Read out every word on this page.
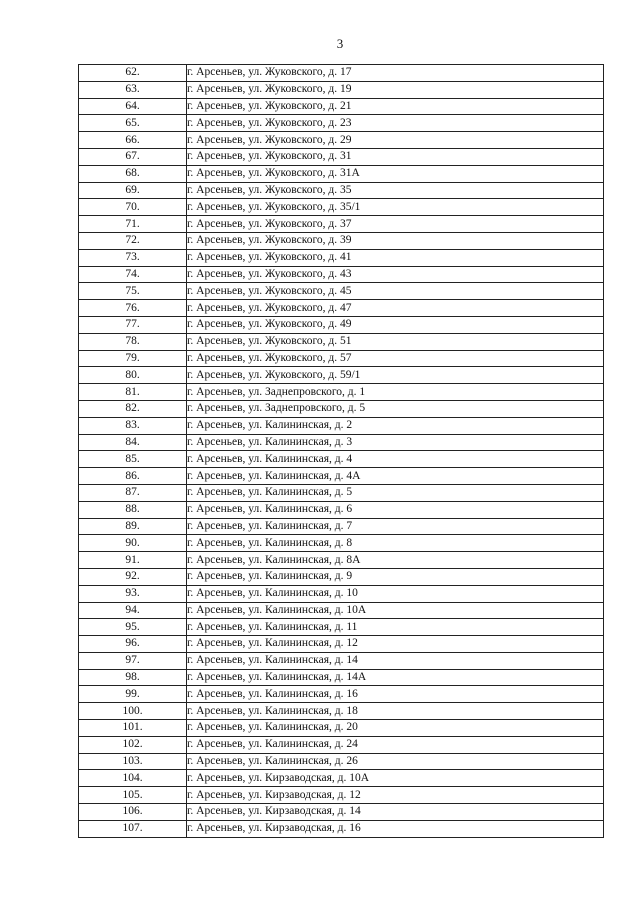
3
62.	г. Арсеньев, ул. Жуковского, д. 17
63.	г. Арсеньев, ул. Жуковского, д. 19
64.	г. Арсеньев, ул. Жуковского, д. 21
65.	г. Арсеньев, ул. Жуковского, д. 23
66.	г. Арсеньев, ул. Жуковского, д. 29
67.	г. Арсеньев, ул. Жуковского, д. 31
68.	г. Арсеньев, ул. Жуковского, д. 31А
69.	г. Арсеньев, ул. Жуковского, д. 35
70.	г. Арсеньев, ул. Жуковского, д. 35/1
71.	г. Арсеньев, ул. Жуковского, д. 37
72.	г. Арсеньев, ул. Жуковского, д. 39
73.	г. Арсеньев, ул. Жуковского, д. 41
74.	г. Арсеньев, ул. Жуковского, д. 43
75.	г. Арсеньев, ул. Жуковского, д. 45
76.	г. Арсеньев, ул. Жуковского, д. 47
77.	г. Арсеньев, ул. Жуковского, д. 49
78.	г. Арсеньев, ул. Жуковского, д. 51
79.	г. Арсеньев, ул. Жуковского, д. 57
80.	г. Арсеньев, ул. Жуковского, д. 59/1
81.	г. Арсеньев, ул. Заднепровского, д. 1
82.	г. Арсеньев, ул. Заднепровского, д. 5
83.	г. Арсеньев, ул. Калининская, д. 2
84.	г. Арсеньев, ул. Калининская, д. 3
85.	г. Арсеньев, ул. Калининская, д. 4
86.	г. Арсеньев, ул. Калининская, д. 4А
87.	г. Арсеньев, ул. Калининская, д. 5
88.	г. Арсеньев, ул. Калининская, д. 6
89.	г. Арсеньев, ул. Калининская, д. 7
90.	г. Арсеньев, ул. Калининская, д. 8
91.	г. Арсеньев, ул. Калининская, д. 8А
92.	г. Арсеньев, ул. Калининская, д. 9
93.	г. Арсеньев, ул. Калининская, д. 10
94.	г. Арсеньев, ул. Калининская, д. 10А
95.	г. Арсеньев, ул. Калининская, д. 11
96.	г. Арсеньев, ул. Калининская, д. 12
97.	г. Арсеньев, ул. Калининская, д. 14
98.	г. Арсеньев, ул. Калининская, д. 14А
99.	г. Арсеньев, ул. Калининская, д. 16
100.	г. Арсеньев, ул. Калининская, д. 18
101.	г. Арсеньев, ул. Калининская, д. 20
102.	г. Арсеньев, ул. Калининская, д. 24
103.	г. Арсеньев, ул. Калининская, д. 26
104.	г. Арсеньев, ул. Кирзаводская, д. 10А
105.	г. Арсеньев, ул. Кирзаводская, д. 12
106.	г. Арсеньев, ул. Кирзаводская, д. 14
107.	г. Арсеньев, ул. Кирзаводская, д. 16
